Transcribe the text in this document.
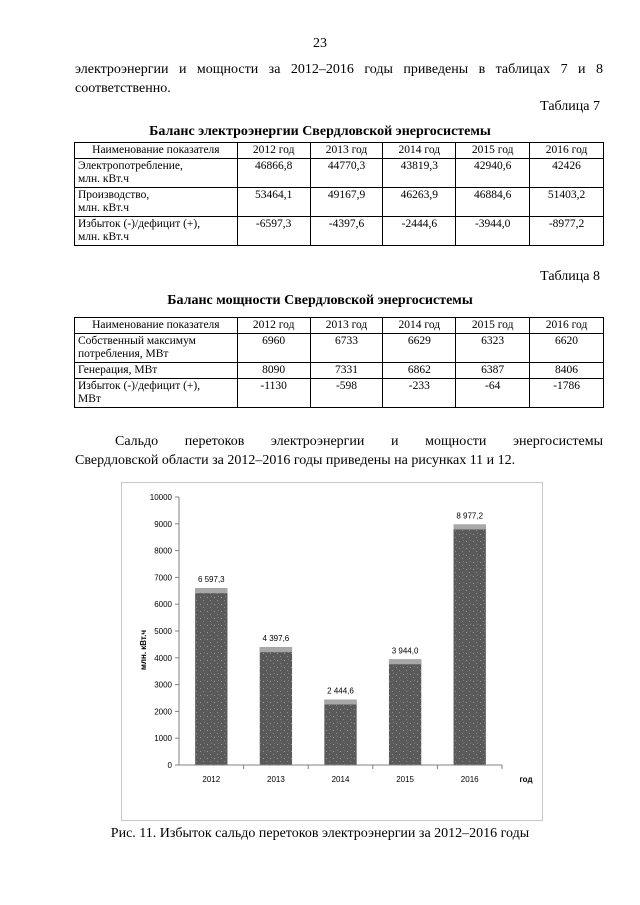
23
электроэнергии и мощности за 2012–2016 годы приведены в таблицах 7 и 8
соответственно.
Таблица 7
Баланс электроэнергии Свердловской энергосистемы
Наименование показателя	2012 год	2013 год	2014 год	2015 год	2016 год

Электропотребление,
млн. кВт.ч	46866,8	44770,3	43819,3	42940,6	42426

Производство,
млн. кВт.ч	53464,1	49167,9	46263,9	46884,6	51403,2

Избыток (-)/дефицит (+),
млн. кВт.ч	-6597,3	-4397,6	-2444,6	-3944,0	-8977,2
Таблица 8
Баланс мощности Свердловской энергосистемы
Наименование показателя	2012 год	2013 год	2014 год	2015 год	2016 год

Собственный максимум
потребления, МВт	6960	6733	6629	6323	6620

Генерация, МВт	8090	7331	6862	6387	8406

Избыток (-)/дефицит (+),
МВт	-1130	-598	-233	-64	-1786
Сальдо перетоков электроэнергии и мощности энергосистемы
Свердловской области за 2012–2016 годы приведены на рисунках 11 и 12.
0
1000
2000
3000
4000
5000
6000
7000
8000
9000
10000
6 597,3
4 397,6
2 444,6
3 944,0
8 977,2
2012	2013	2014	2015	2016
млн. кВт.ч
год
Рис. 11. Избыток сальдо перетоков электроэнергии за 2012–2016 годы
